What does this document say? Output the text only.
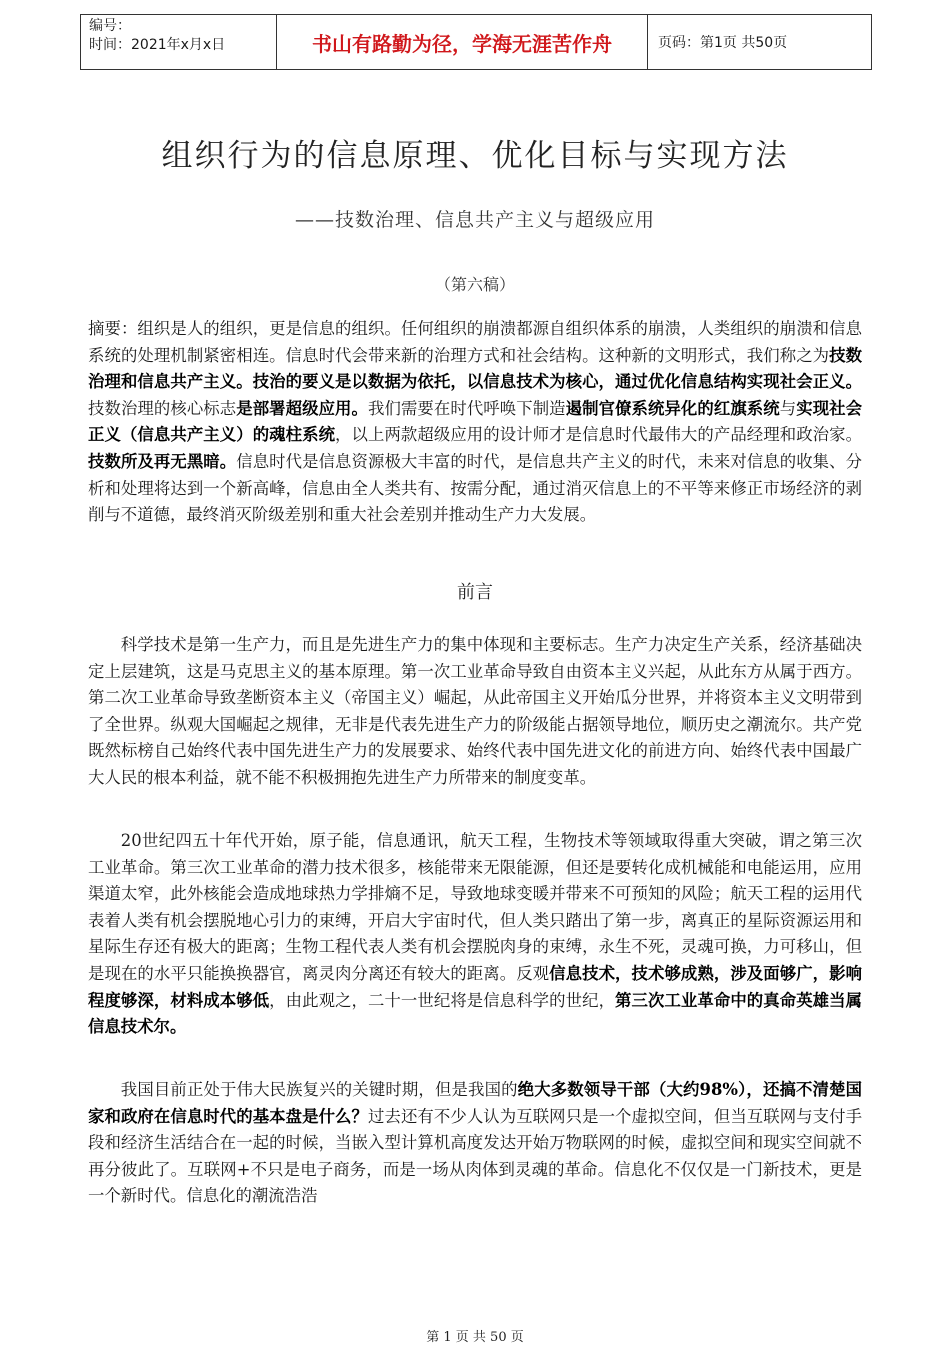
编号：
时间：2021年x月x日	书山有路勤为径，学海无涯苦作舟	页码：第1页 共50页
组织行为的信息原理、优化目标与实现方法
——技数治理、信息共产主义与超级应用
（第六稿）
摘要：组织是人的组织，更是信息的组织。任何组织的崩溃都源自组织体系的崩溃，人类组织的崩溃和信息系统的处理机制紧密相连。信息时代会带来新的治理方式和社会结构。这种新的文明形式，我们称之为技数治理和信息共产主义。技治的要义是以数据为依托，以信息技术为核心，通过优化信息结构实现社会正义。技数治理的核心标志是部署超级应用。我们需要在时代呼唤下制造遏制官僚系统异化的红旗系统与实现社会正义（信息共产主义）的魂柱系统，以上两款超级应用的设计师才是信息时代最伟大的产品经理和政治家。技数所及再无黑暗。信息时代是信息资源极大丰富的时代，是信息共产主义的时代，未来对信息的收集、分析和处理将达到一个新高峰，信息由全人类共有、按需分配，通过消灭信息上的不平等来修正市场经济的剥削与不道德，最终消灭阶级差别和重大社会差别并推动生产力大发展。
前言
科学技术是第一生产力，而且是先进生产力的集中体现和主要标志。生产力决定生产关系，经济基础决定上层建筑，这是马克思主义的基本原理。第一次工业革命导致自由资本主义兴起，从此东方从属于西方。第二次工业革命导致垄断资本主义（帝国主义）崛起，从此帝国主义开始瓜分世界，并将资本主义文明带到了全世界。纵观大国崛起之规律，无非是代表先进生产力的阶级能占据领导地位，顺历史之潮流尔。共产党既然标榜自己始终代表中国先进生产力的发展要求、始终代表中国先进文化的前进方向、始终代表中国最广大人民的根本利益，就不能不积极拥抱先进生产力所带来的制度变革。
20世纪四五十年代开始，原子能，信息通讯，航天工程，生物技术等领域取得重大突破，谓之第三次工业革命。第三次工业革命的潜力技术很多，核能带来无限能源，但还是要转化成机械能和电能运用，应用渠道太窄，此外核能会造成地球热力学排熵不足，导致地球变暖并带来不可预知的风险；航天工程的运用代表着人类有机会摆脱地心引力的束缚，开启大宇宙时代，但人类只踏出了第一步，离真正的星际资源运用和星际生存还有极大的距离；生物工程代表人类有机会摆脱肉身的束缚，永生不死，灵魂可换，力可移山，但是现在的水平只能换换器官，离灵肉分离还有较大的距离。反观信息技术，技术够成熟，涉及面够广，影响程度够深，材料成本够低，由此观之，二十一世纪将是信息科学的世纪，第三次工业革命中的真命英雄当属信息技术尔。
我国目前正处于伟大民族复兴的关键时期，但是我国的绝大多数领导干部（大约98%），还搞不清楚国家和政府在信息时代的基本盘是什么？过去还有不少人认为互联网只是一个虚拟空间，但当互联网与支付手段和经济生活结合在一起的时候，当嵌入型计算机高度发达开始万物联网的时候，虚拟空间和现实空间就不再分彼此了。互联网+不只是电子商务，而是一场从肉体到灵魂的革命。信息化不仅仅是一门新技术，更是一个新时代。信息化的潮流浩浩
第 1 页 共 50 页
